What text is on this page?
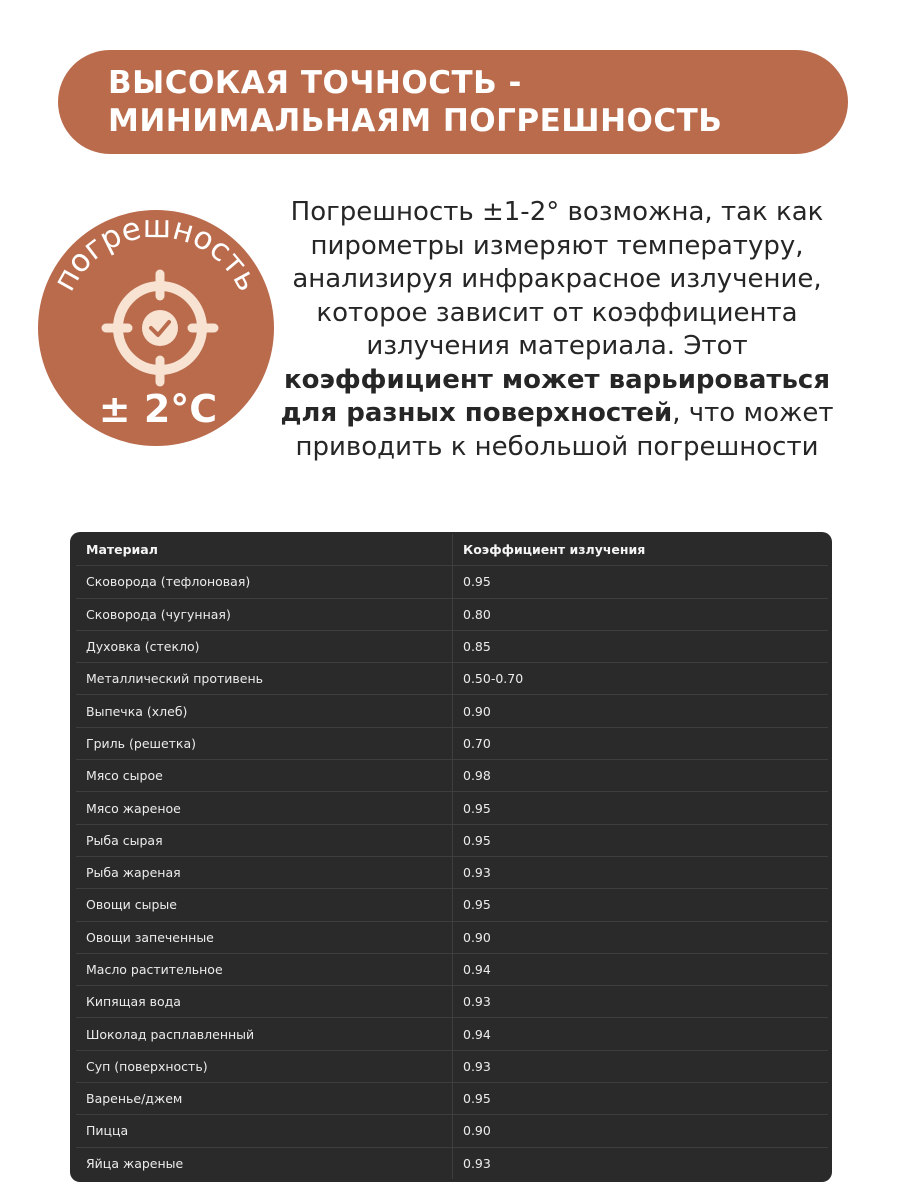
ВЫСОКАЯ ТОЧНОСТЬ -
МИНИМАЛЬНАЯМ ПОГРЕШНОСТЬ
погрешность
± 2°C
Погрешность ±1-2° возможна, так как пирометры измеряют температуру, анализируя инфракрасное излучение, которое зависит от коэффициента излучения материала. Этот коэффициент может варьироваться для разных поверхностей, что может приводить к небольшой погрешности
Материал	Коэффициент излучения
Сковорода (тефлоновая)	0.95
Сковорода (чугунная)	0.80
Духовка (стекло)	0.85
Металлический противень	0.50-0.70
Выпечка (хлеб)	0.90
Гриль (решетка)	0.70
Мясо сырое	0.98
Мясо жареное	0.95
Рыба сырая	0.95
Рыба жареная	0.93
Овощи сырые	0.95
Овощи запеченные	0.90
Масло растительное	0.94
Кипящая вода	0.93
Шоколад расплавленный	0.94
Суп (поверхность)	0.93
Варенье/джем	0.95
Пицца	0.90
Яйца жареные	0.93
